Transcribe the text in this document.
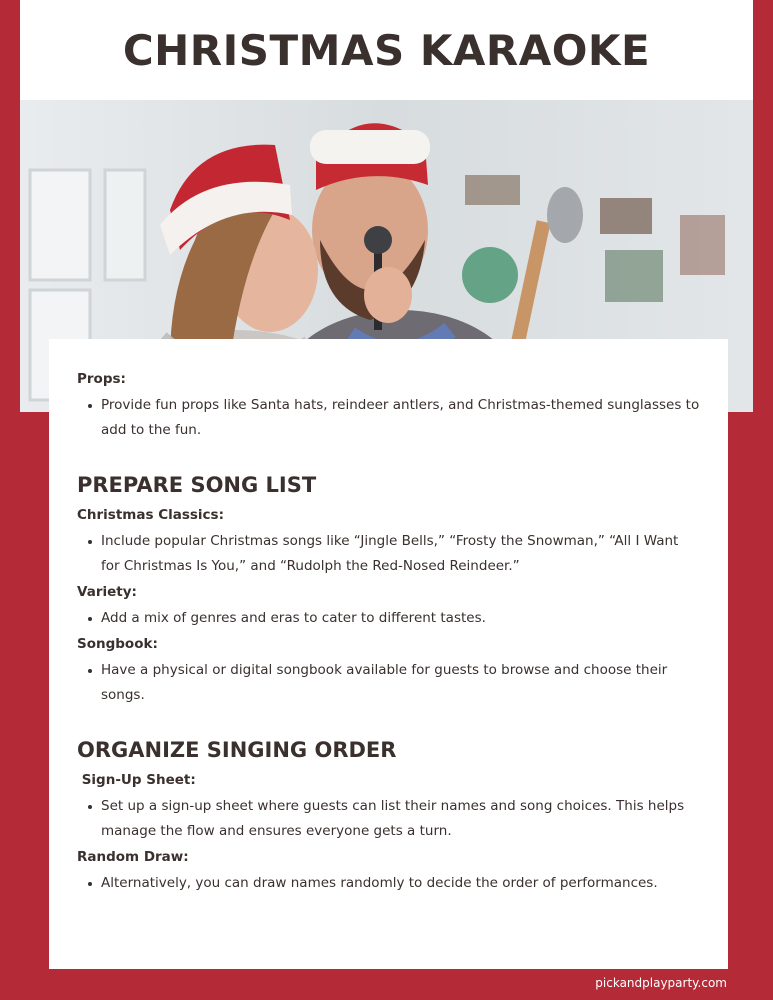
CHRISTMAS KARAOKE
Props:
Provide fun props like Santa hats, reindeer antlers, and Christmas-themed sunglasses to add to the fun.
PREPARE SONG LIST
Christmas Classics:
Include popular Christmas songs like “Jingle Bells,” “Frosty the Snowman,” “All I Want for Christmas Is You,” and “Rudolph the Red-Nosed Reindeer.”
Variety:
Add a mix of genres and eras to cater to different tastes.
Songbook:
Have a physical or digital songbook available for guests to browse and choose their songs.
ORGANIZE SINGING ORDER
Sign-Up Sheet:
Set up a sign-up sheet where guests can list their names and song choices. This helps manage the flow and ensures everyone gets a turn.
Random Draw:
Alternatively, you can draw names randomly to decide the order of performances.
pickandplayparty.com
